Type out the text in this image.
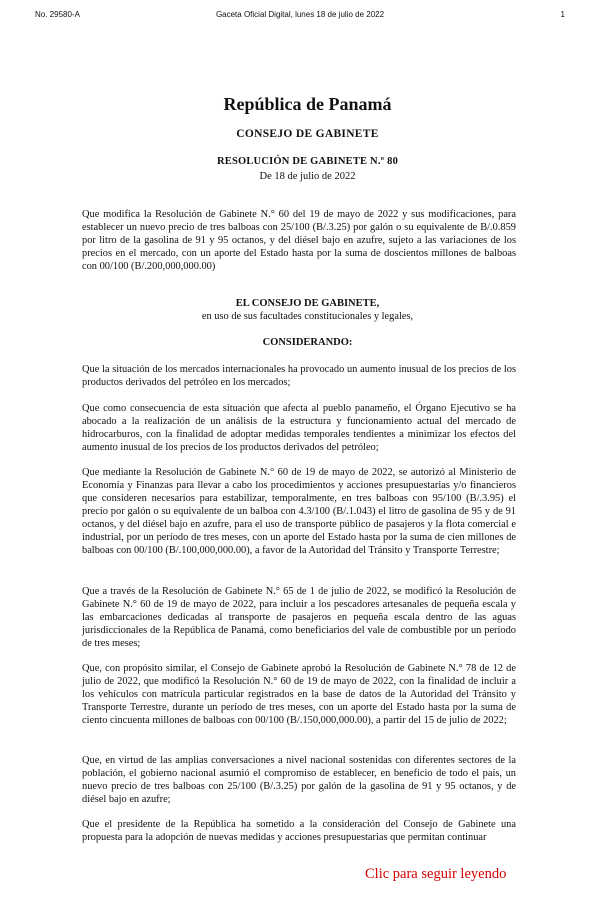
No. 29580-A	Gaceta Oficial Digital, lunes 18 de julio de 2022	1
República de Panamá
CONSEJO DE GABINETE
RESOLUCIÓN DE GABINETE N.º 80
De 18 de julio de 2022
Que modifica la Resolución de Gabinete N.° 60 del 19 de mayo de 2022 y sus modificaciones, para establecer un nuevo precio de tres balboas con 25/100 (B/.3.25) por galón o su equivalente de B/.0.859 por litro de la gasolina de 91 y 95 octanos, y del diésel bajo en azufre, sujeto a las variaciones de los precios en el mercado, con un aporte del Estado hasta por la suma de doscientos millones de balboas con 00/100 (B/.200,000,000.00)
EL CONSEJO DE GABINETE,
en uso de sus facultades constitucionales y legales,
CONSIDERANDO:
Que la situación de los mercados internacionales ha provocado un aumento inusual de los precios de los productos derivados del petróleo en los mercados;
Que como consecuencia de esta situación que afecta al pueblo panameño, el Órgano Ejecutivo se ha abocado a la realización de un análisis de la estructura y funcionamiento actual del mercado de hidrocarburos, con la finalidad de adoptar medidas temporales tendientes a minimizar los efectos del aumento inusual de los precios de los productos derivados del petróleo;
Que mediante la Resolución de Gabinete N.° 60 de 19 de mayo de 2022, se autorizó al Ministerio de Economía y Finanzas para llevar a cabo los procedimientos y acciones presupuestarias y/o financieros que consideren necesarios para estabilizar, temporalmente, en tres balboas con 95/100 (B/.3.95) el precio por galón o su equivalente de un balboa con 4.3/100 (B/.1.043) el litro de gasolina de 95 y de 91 octanos, y del diésel bajo en azufre, para el uso de transporte público de pasajeros y la flota comercial e industrial, por un período de tres meses, con un aporte del Estado hasta por la suma de cien millones de balboas con 00/100 (B/.100,000,000.00), a favor de la Autoridad del Tránsito y Transporte Terrestre;
Que a través de la Resolución de Gabinete N.° 65 de 1 de julio de 2022, se modificó la Resolución de Gabinete N.° 60 de 19 de mayo de 2022, para incluir a los pescadores artesanales de pequeña escala y las embarcaciones dedicadas al transporte de pasajeros en pequeña escala dentro de las aguas jurisdiccionales de la República de Panamá, como beneficiarios del vale de combustible por un período de tres meses;
Que, con propósito similar, el Consejo de Gabinete aprobó la Resolución de Gabinete N.° 78 de 12 de julio de 2022, que modificó la Resolución N.° 60 de 19 de mayo de 2022, con la finalidad de incluir a los vehículos con matrícula particular registrados en la base de datos de la Autoridad del Tránsito y Transporte Terrestre, durante un período de tres meses, con un aporte del Estado hasta por la suma de ciento cincuenta millones de balboas con 00/100 (B/.150,000,000.00), a partir del 15 de julio de 2022;
Que, en virtud de las amplias conversaciones a nivel nacional sostenidas con diferentes sectores de la población, el gobierno nacional asumió el compromiso de establecer, en beneficio de todo el país, un nuevo precio de tres balboas con 25/100 (B/.3.25) por galón de la gasolina de 91 y 95 octanos, y de diésel bajo en azufre;
Que el presidente de la República ha sometido a la consideración del Consejo de Gabinete una propuesta para la adopción de nuevas medidas y acciones presupuestarias que permitan continuar
Clic para seguir leyendo
